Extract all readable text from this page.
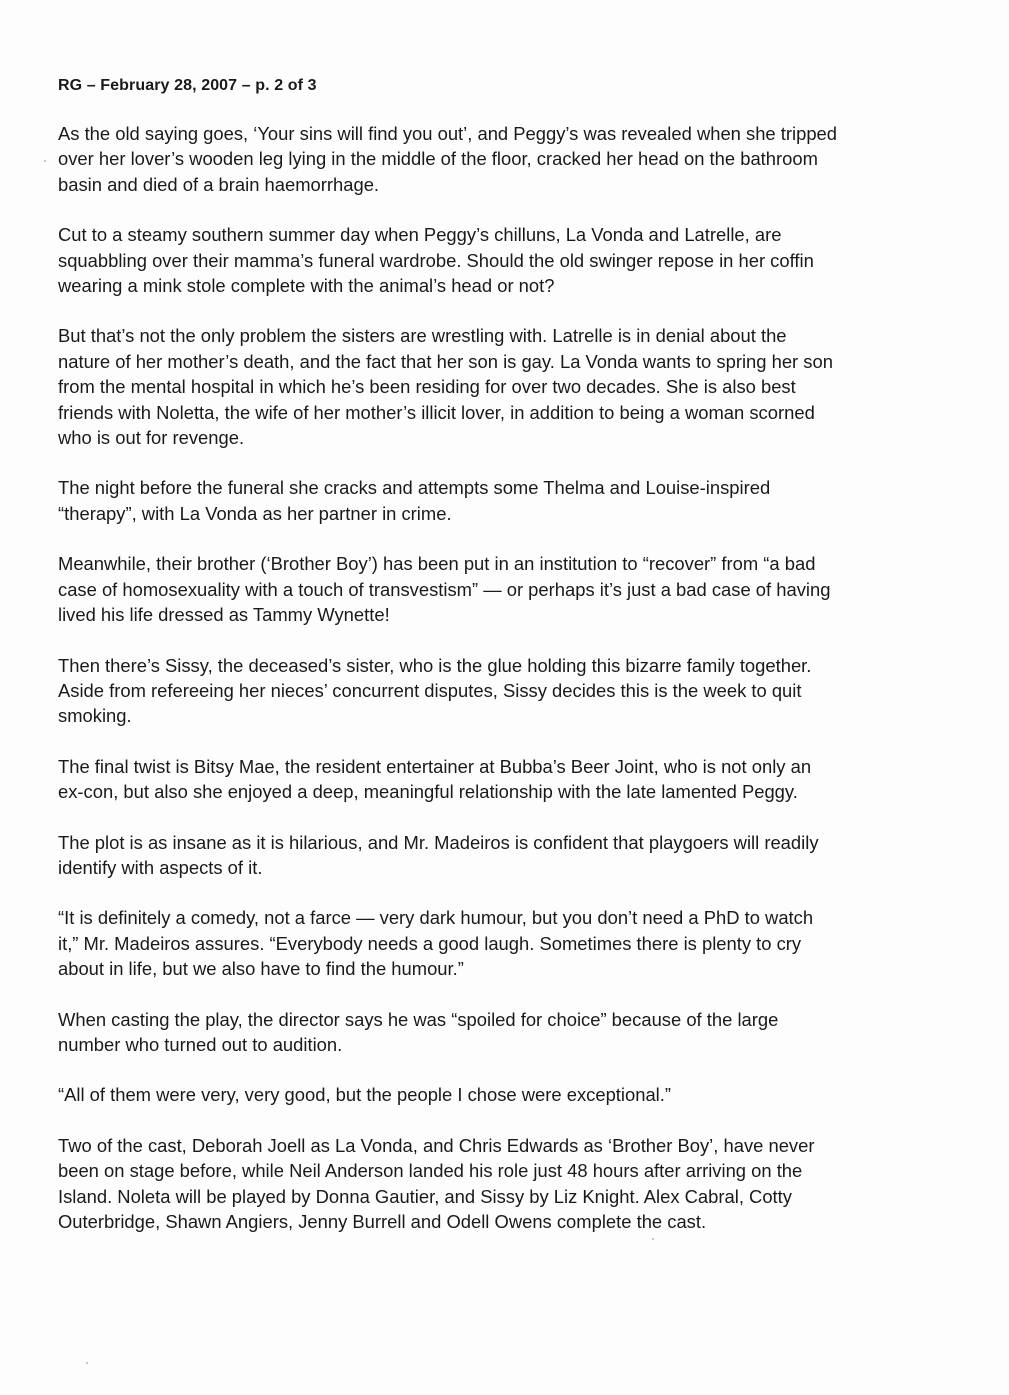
RG – February 28, 2007 – p. 2 of 3

As the old saying goes, ‘Your sins will find you out’, and Peggy’s was revealed when she tripped
over her lover’s wooden leg lying in the middle of the floor, cracked her head on the bathroom
basin and died of a brain haemorrhage.

Cut to a steamy southern summer day when Peggy’s chilluns, La Vonda and Latrelle, are
squabbling over their mamma’s funeral wardrobe. Should the old swinger repose in her coffin
wearing a mink stole complete with the animal’s head or not?

But that’s not the only problem the sisters are wrestling with. Latrelle is in denial about the
nature of her mother’s death, and the fact that her son is gay. La Vonda wants to spring her son
from the mental hospital in which he’s been residing for over two decades. She is also best
friends with Noletta, the wife of her mother’s illicit lover, in addition to being a woman scorned
who is out for revenge.

The night before the funeral she cracks and attempts some Thelma and Louise-inspired
“therapy”, with La Vonda as her partner in crime.

Meanwhile, their brother (‘Brother Boy’) has been put in an institution to “recover” from “a bad
case of homosexuality with a touch of transvestism” — or perhaps it’s just a bad case of having
lived his life dressed as Tammy Wynette!

Then there’s Sissy, the deceased’s sister, who is the glue holding this bizarre family together.
Aside from refereeing her nieces’ concurrent disputes, Sissy decides this is the week to quit
smoking.

The final twist is Bitsy Mae, the resident entertainer at Bubba’s Beer Joint, who is not only an
ex-con, but also she enjoyed a deep, meaningful relationship with the late lamented Peggy.

The plot is as insane as it is hilarious, and Mr. Madeiros is confident that playgoers will readily
identify with aspects of it.

“It is definitely a comedy, not a farce — very dark humour, but you don’t need a PhD to watch
it,” Mr. Madeiros assures. “Everybody needs a good laugh. Sometimes there is plenty to cry
about in life, but we also have to find the humour.”

When casting the play, the director says he was “spoiled for choice” because of the large
number who turned out to audition.

“All of them were very, very good, but the people I chose were exceptional.”

Two of the cast, Deborah Joell as La Vonda, and Chris Edwards as ‘Brother Boy’, have never
been on stage before, while Neil Anderson landed his role just 48 hours after arriving on the
Island. Noleta will be played by Donna Gautier, and Sissy by Liz Knight. Alex Cabral, Cotty
Outerbridge, Shawn Angiers, Jenny Burrell and Odell Owens complete the cast.
